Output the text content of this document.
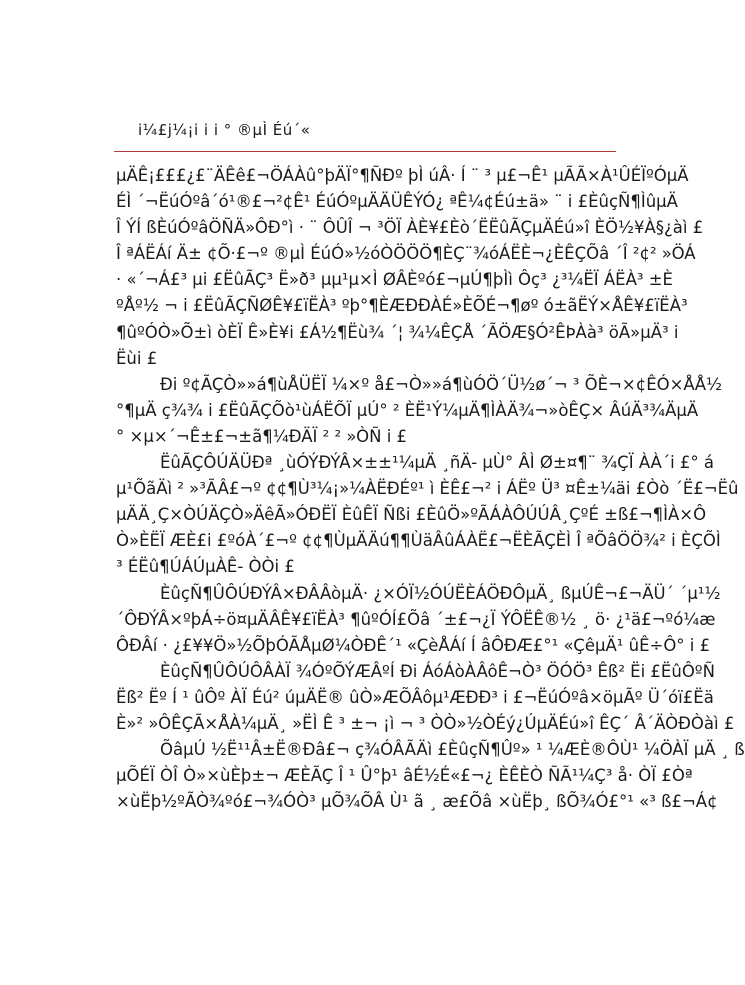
i¼£j¼¡i i i ° ®µÌ Éú´«
µÄÊ¡£££¿£¨ÄÊê£¬ÖÁÀû°þÄÏ°¶ÑÐº þÌ úÂ· Í ¨ ³ µ£¬Ê¹ µÃÃ×À¹ÛÉÏºÓµÄ
ÉÌ ´¬ËúÓºâ´ó¹®£¬²¢Ê¹ ÉúÓºµÄÄÜÊÝÓ¿ ªÊ¼¢Éú±ä» ¨ i £ÈûçÑ¶ÌûµÄ
Î ÝÍ ßÈúÓºâÖÑÄ»ÔÐ°ì · ¨ ÔÛÎ ¬ ³ÖÏ ÀÈ¥£Èò´ËËûÃÇµÄÉú»î ÈÖ½¥À§¿àì £
Î ªÁËÁí Ä± ¢Õ·£¬º ®µÌ ÉúÓ»½óÒÖÖÖ¶ÈÇ¨¾óÁËÈ¬¿ÈÊÇÕâ ´Î ²¢² »ÖÁ
· «´¬Á£³ µi £ËûÃÇ³ Ë»ð³ µµ¹µ×Ì ØÂÈºó£¬µÚ¶þÌì Ôç³ ¿³¼ËÏ ÁËÀ³ ±È
ºÅº½ ¬ i £ËûÃÇÑØÊ¥£ïËÀ³ ºþ°¶ÈÆÐÐÀÉ»ÈÕÉ¬¶øº ó±ãËÝ×ÅÊ¥£ïËÀ³
¶ûºÓÒ»Õ±ì òÈÏ Ê»È¥i £Á½¶Ëù¾ ´¦ ¾¼ÊÇÅ ´ÃÖÆ§Ó²ÊÞÀà³ öÃ»µÄ³ i
Ëùi £
Ði º¢ÃÇÒ»»á¶ùÅÜËÏ ¼×º å£¬Ò»»á¶ùÓÖ´Ü½ø´¬ ³ ÕÈ¬×¢ÊÓ×ÅÅ½
°¶µÄ ç¾¾ i £ËûÃÇÕò¹ùÁËÕÏ µÚ° ² ÈË¹Ý¼µÄ¶ÌÀÄ¾¬»òÊÇ× ÂúÄ³¾ÄµÄ
° ×µ×´¬Ê±£¬±ã¶¼ÐÄÏ ² ² »ÒÑ i £
ËûÃÇÔÚÄÜÐª ¸ùÓÝÐÝÂ×±±¹¼µÄ ¸ñÄ- µÙ° ÂÌ Ø±¤¶¨ ¾ÇÏ ÀÀ´i £° á
µ¹ÕãÄì ² »³ÃÂ£¬º ¢¢¶Ù³¼¡»¼ÀËÐÉº¹ ì ÈÊ£¬² i ÁËº Ü³ ¤Ê±¼äi £Òò ´Ë£¬Ëû
µÄÄ¸Ç×ÒÚÄÇÒ»ÄêÃ»ÓÐËÏ ÈûÊÏ Ñßi £ÈûÖ»ºÃÁÀÔÚÚÂ¸ÇºÉ ±ß£¬¶ÌÀ×Ô
Ò»ÈËÏ ÆÈ£i £ºóÀ´£¬º ¢¢¶ÙµÄÄú¶¶ÙäÂûÁÀË£¬ËÈÃÇÈÌ Î ªÕâÖÖ¾² i ÈÇÕÌ
³ ÉËû¶ÚÁÚµÀÊ- ÒÒi £
ÈûçÑ¶ÛÔÚÐÝÂ×ÐÂÂòµÄ· ¿×ÓÏ½ÓÚËÈÁÖÐÔµÄ¸ ßµÚÊ¬£¬ÄÜ´ ´µ¹½
´ÔÐÝÂ×ºþÁ÷ö¤µÄÂÊ¥£ïËÀ³ ¶ûºÓÍ£Õâ ´±£¬¿Ï ÝÔËÊ®½ ¸ ö· ¿¹ä£¬ºó¼æ
ÔÐÂí · ¿£¥¥Ö»½ÕþÓÃÅµØ¼ÒÐÊ´¹ «ÇèÅÁí Í âÔÐÆ£°¹ «ÇêµÄ¹ ûÊ÷Ô° i £
ÈûçÑ¶ÛÔÚÔÂÀÏ ¾ÓºÕÝÆÂºÍ Ði ÁóÁòÀÂôÊ¬Ò³ ÖÓÖ³ Êß² Ëi £ËûÔºÑ
Ëß² Ëº Í ¹ ûÔº ÀÏ Éú² úµÄË® ûÒ»ÆÕÂôµ¹ÆÐÐ³ i £¬ËúÓºâ×öµÃº Ü´óï£Ëä
È»² »ÔÊÇÃ×ÅÀ¼µÄ¸ »ËÌ Ê ³ ±¬ ¡ì ¬ ³ ÒÒ»½ÒÉý¿ÚµÄÉú»î ÊÇ´ Â´ÄÒÐÒàì £
ÕâµÚ ½Ë¹¹Â±Ë®Ðâ£¬ ç¾ÓÂÃÄì £ÈûçÑ¶Ûº» ¹ ¼ÆÈ®ÔÙ¹ ¼ÖÀÏ µÄ ¸ ß
µÕÉÏ ÒÎ Ò»×ùÈþ±¬ ÆÈÃÇ Î ¹ Û°þ¹ âÉ½É«£¬¿ ÈÊÈÒ ÑÃ¹¼Ç³ å· ÒÏ £Òª
×ùËþ½ºÃÒ¾ºó£¬¾ÓÒ³ µÕ¾ÕÂ Ù¹ ã ¸ æ£Õâ ×ùËþ¸ ßÕ¾Ó£°¹ «³ ß£¬Á¢
